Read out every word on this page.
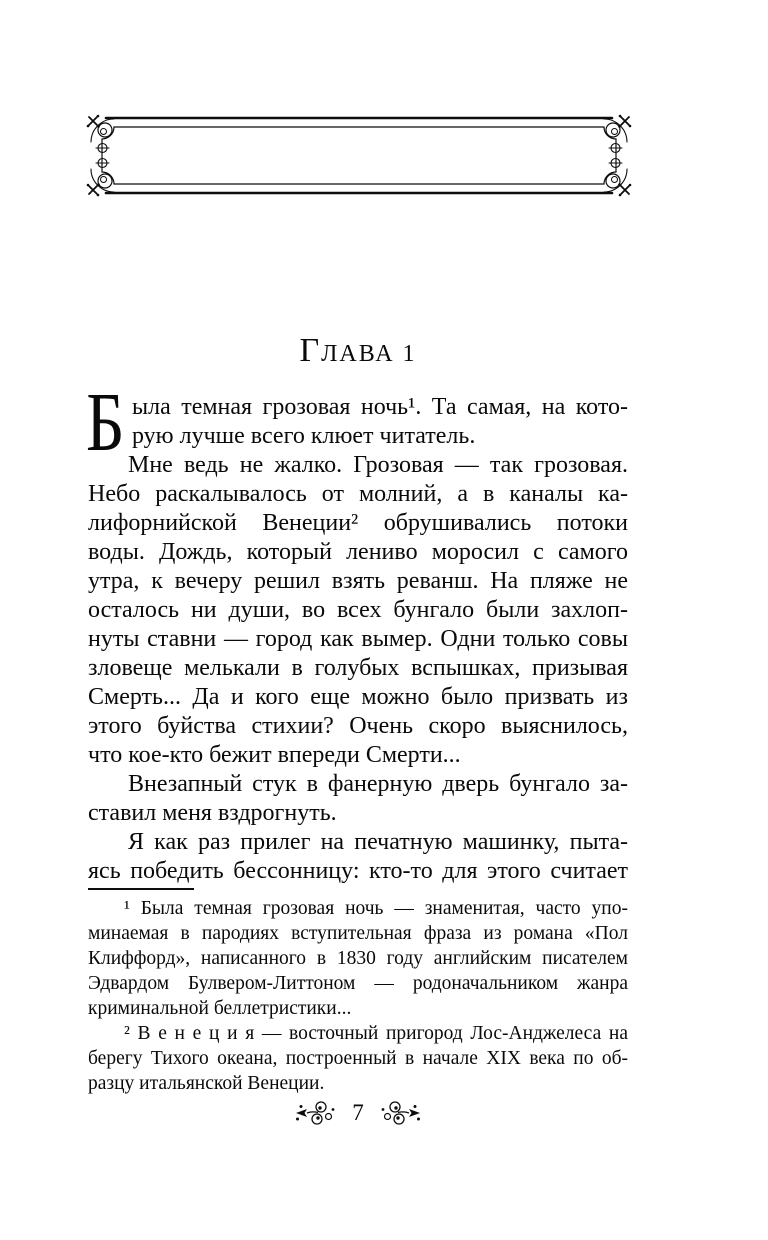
ГЛАВА 1
Б ыла темная грозовая ночь¹. Та самая, на кото-
рую лучше всего клюет читатель.
Мне ведь не жалко. Грозовая — так грозовая.
Небо раскалывалось от молний, а в каналы ка-
лифорнийской Венеции² обрушивались потоки
воды. Дождь, который лениво моросил с самого
утра, к вечеру решил взять реванш. На пляже не
осталось ни души, во всех бунгало были захлоп-
нуты ставни — город как вымер. Одни только совы
зловеще мелькали в голубых вспышках, призывая
Смерть... Да и кого еще можно было призвать из
этого буйства стихии? Очень скоро выяснилось,
что кое-кто бежит впереди Смерти...
Внезапный стук в фанерную дверь бунгало за-
ставил меня вздрогнуть.
Я как раз прилег на печатную машинку, пыта-
ясь победить бессонницу: кто-то для этого считает
¹ Была темная грозовая ночь — знаменитая, часто упо-
минаемая в пародиях вступительная фраза из романа «Пол
Клиффорд», написанного в 1830 году английским писателем
Эдвардом Булвером-Литтоном — родоначальником жанра
криминальной беллетристики...
² В е н е ц и я — восточный пригород Лос-Анджелеса на
берегу Тихого океана, построенный в начале XIX века по об-
разцу итальянской Венеции.
7
